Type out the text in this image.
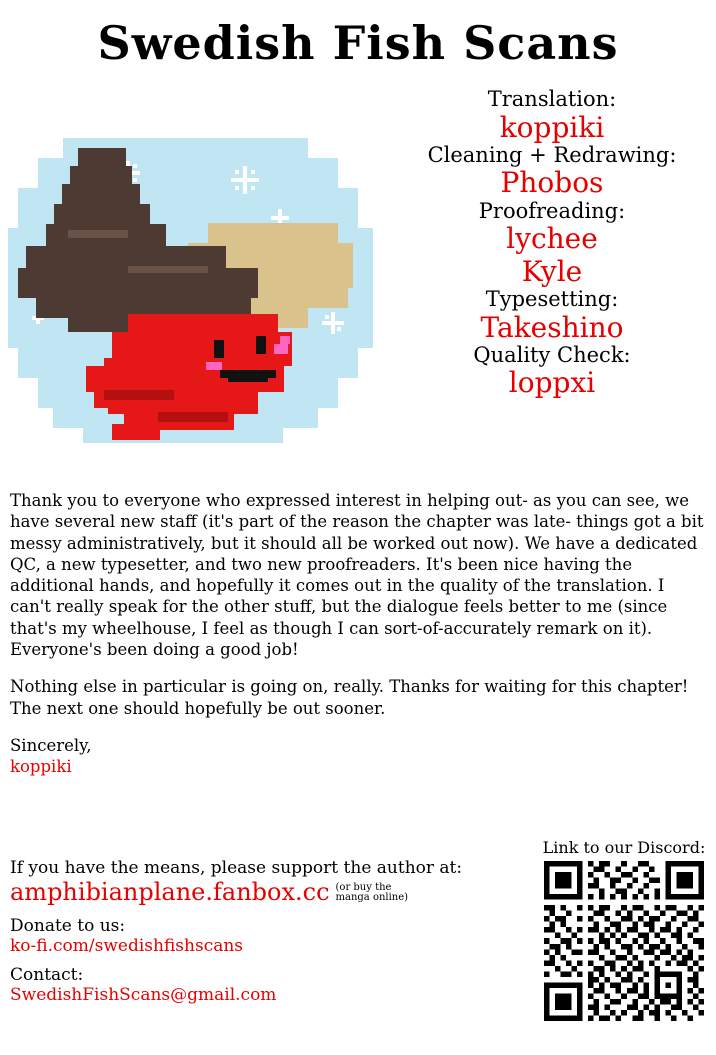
Swedish Fish Scans
Translation:
koppiki
Cleaning + Redrawing:
Phobos
Proofreading:
lychee
Kyle
Typesetting:
Takeshino
Quality Check:
loppxi

Thank you to everyone who expressed interest in helping out- as you can see, we have several new staff (it's part of the reason the chapter was late- things got a bit messy administratively, but it should all be worked out now). We have a dedicated QC, a new typesetter, and two new proofreaders. It's been nice having the additional hands, and hopefully it comes out in the quality of the translation. I can't really speak for the other stuff, but the dialogue feels better to me (since that's my wheelhouse, I feel as though I can sort-of-accurately remark on it). Everyone's been doing a good job!

Nothing else in particular is going on, really. Thanks for waiting for this chapter! The next one should hopefully be out sooner.

Sincerely,
koppiki
If you have the means, please support the author at:
amphibianplane.fanbox.cc (or buy the manga online)
Donate to us:
ko-fi.com/swedishfishscans
Contact:
SwedishFishScans@gmail.com
Link to our Discord:
